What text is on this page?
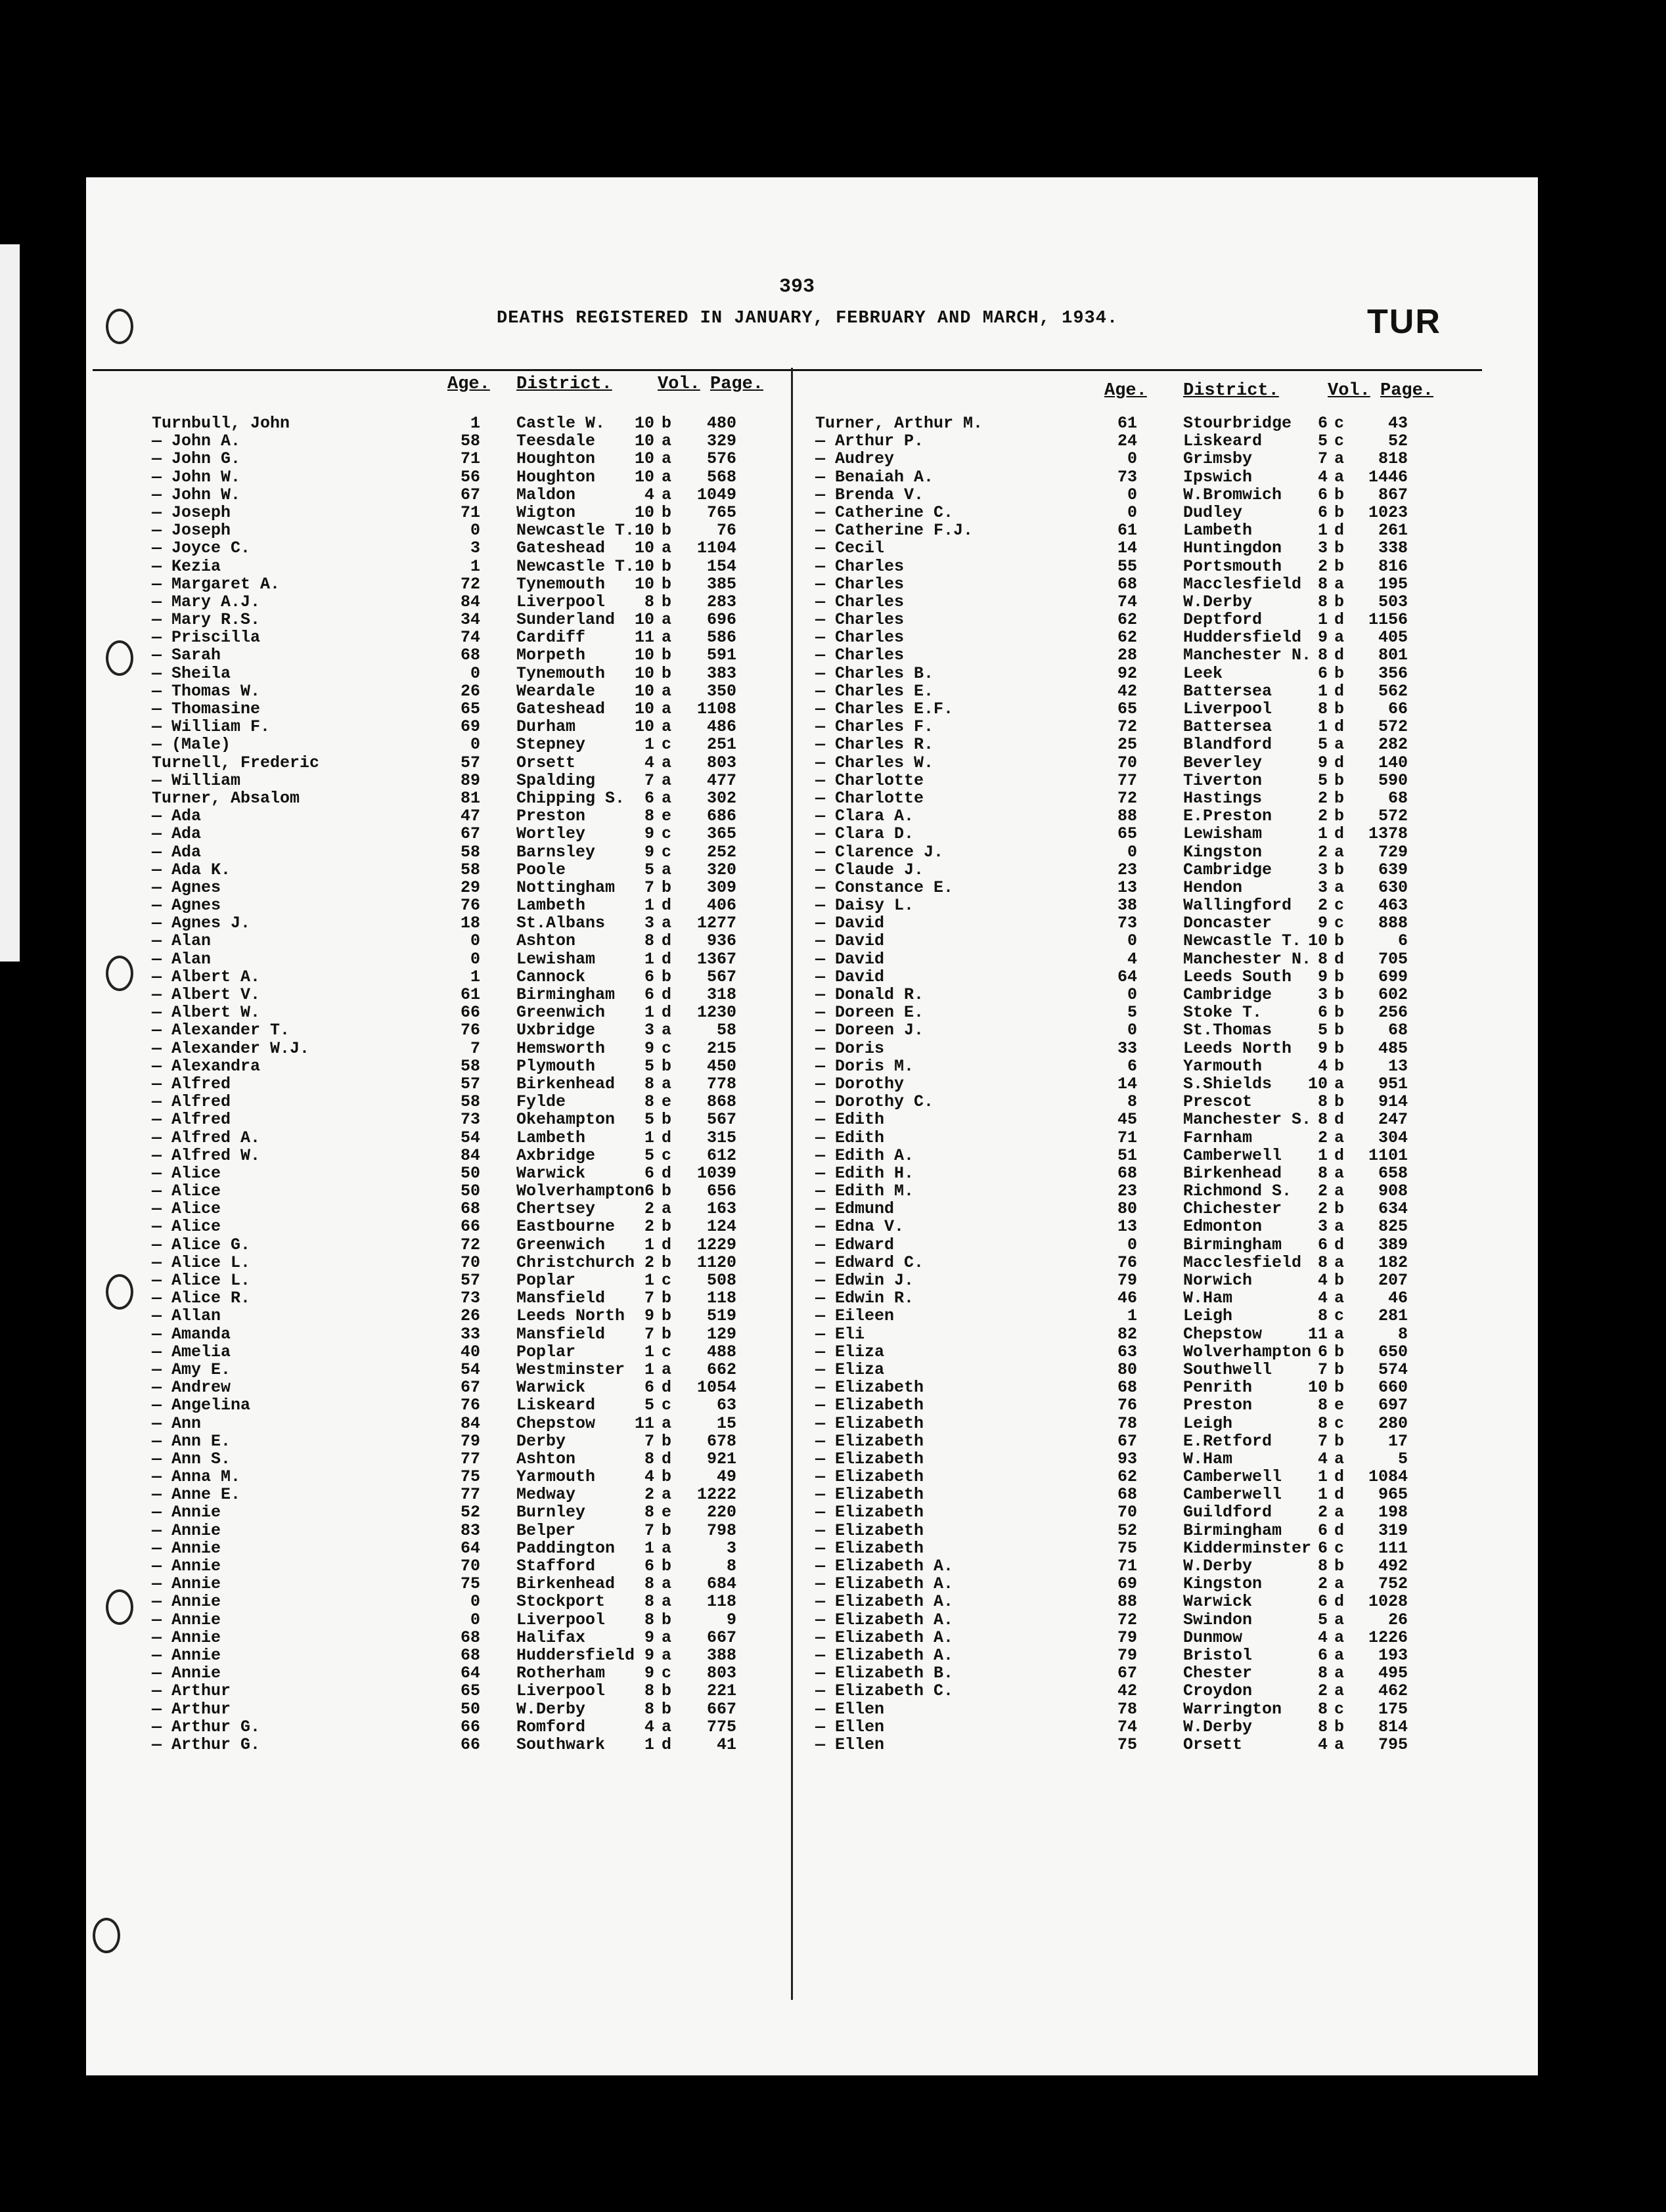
393
DEATHS REGISTERED IN JANUARY, FEBRUARY AND MARCH, 1934.	TUR
Age. District.	Vol. Page.
Turnbull, John	1 Castle W.	10 b	480
— John A.	58 Teesdale	10 a	329
— John G.	71 Houghton	10 a	576
— John W.	56 Houghton	10 a	568
— John W.	67 Maldon	4 a	1049
— Joseph	71 Wigton	10 b	765
— Joseph	0 Newcastle T. 10 b	76
— Joyce C.	3 Gateshead	10 a	1104
— Kezia	1 Newcastle T. 10 b	154
— Margaret A.	72 Tynemouth	10 b	385
— Mary A.J.	84 Liverpool	8 b	283
— Mary R.S.	34 Sunderland	10 a	696
— Priscilla	74 Cardiff	11 a	586
— Sarah	68 Morpeth	10 b	591
— Sheila	0 Tynemouth	10 b	383
— Thomas W.	26 Weardale	10 a	350
— Thomasine	65 Gateshead	10 a	1108
— William F.	69 Durham	10 a	486
— (Male)	0 Stepney	1 c	251
Turnell, Frederic	57 Orsett	4 a	803
— William	89 Spalding	7 a	477
Turner, Absalom	81 Chipping S.	6 a	302
— Ada	47 Preston	8 e	686
— Ada	67 Wortley	9 c	365
— Ada	58 Barnsley	9 c	252
— Ada K.	58 Poole	5 a	320
— Agnes	29 Nottingham	7 b	309
— Agnes	76 Lambeth	1 d	406
— Agnes J.	18 St.Albans	3 a	1277
— Alan	0 Ashton	8 d	936
— Alan	0 Lewisham	1 d	1367
— Albert A.	1 Cannock	6 b	567
— Albert V.	61 Birmingham	6 d	318
— Albert W.	66 Greenwich	1 d	1230
— Alexander T.	76 Uxbridge	3 a	58
— Alexander W.J.	7 Hemsworth	9 c	215
— Alexandra	58 Plymouth	5 b	450
— Alfred	57 Birkenhead	8 a	778
— Alfred	58 Fylde	8 e	868
— Alfred	73 Okehampton	5 b	567
— Alfred A.	54 Lambeth	1 d	315
— Alfred W.	84 Axbridge	5 c	612
— Alice	50 Warwick	6 d	1039
— Alice	50 Wolverhampton 6 b	656
— Alice	68 Chertsey	2 a	163
— Alice	66 Eastbourne	2 b	124
— Alice G.	72 Greenwich	1 d	1229
— Alice L.	70 Christchurch 2 b	1120
— Alice L.	57 Poplar	1 c	508
— Alice R.	73 Mansfield	7 b	118
— Allan	26 Leeds North	9 b	519
— Amanda	33 Mansfield	7 b	129
— Amelia	40 Poplar	1 c	488
— Amy E.	54 Westminster	1 a	662
— Andrew	67 Warwick	6 d	1054
— Angelina	76 Liskeard	5 c	63
— Ann	84 Chepstow	11 a	15
— Ann E.	79 Derby	7 b	678
— Ann S.	77 Ashton	8 d	921
— Anna M.	75 Yarmouth	4 b	49
— Anne E.	77 Medway	2 a	1222
— Annie	52 Burnley	8 e	220
— Annie	83 Belper	7 b	798
— Annie	64 Paddington	1 a	3
— Annie	70 Stafford	6 b	8
— Annie	75 Birkenhead	8 a	684
— Annie	0 Stockport	8 a	118
— Annie	0 Liverpool	8 b	9
— Annie	68 Halifax	9 a	667
— Annie	68 Huddersfield 9 a	388
— Annie	64 Rotherham	9 c	803
— Arthur	65 Liverpool	8 b	221
— Arthur	50 W.Derby	8 b	667
— Arthur G.	66 Romford	4 a	775
— Arthur G.	66 Southwark	1 d	41
Age. District.	Vol. Page.
Turner, Arthur M.	61	Stourbridge	6 c	43
— Arthur P.	24	Liskeard	5 c	52
— Audrey	0	Grimsby	7 a	818
— Benaiah A.	73	Ipswich	4 a	1446
— Brenda V.	0	W.Bromwich	6 b	867
— Catherine C.	0	Dudley	6 b	1023
— Catherine F.J.	61	Lambeth	1 d	261
— Cecil	14	Huntingdon	3 b	338
— Charles	55	Portsmouth	2 b	816
— Charles	68	Macclesfield 8 a	195
— Charles	74	W.Derby	8 b	503
— Charles	62	Deptford	1 d	1156
— Charles	62	Huddersfield 9 a	405
— Charles	28	Manchester N. 8 d	801
— Charles B.	92	Leek	6 b	356
— Charles E.	42	Battersea	1 d	562
— Charles E.F.	65	Liverpool	8 b	66
— Charles F.	72	Battersea	1 d	572
— Charles R.	25	Blandford	5 a	282
— Charles W.	70	Beverley	9 d	140
— Charlotte	77	Tiverton	5 b	590
— Charlotte	72	Hastings	2 b	68
— Clara A.	88	E.Preston	2 b	572
— Clara D.	65	Lewisham	1 d	1378
— Clarence J.	0	Kingston	2 a	729
— Claude J.	23	Cambridge	3 b	639
— Constance E.	13	Hendon	3 a	630
— Daisy L.	38	Wallingford	2 c	463
— David	73	Doncaster	9 c	888
— David	0	Newcastle T. 10 b	6
— David	4	Manchester N. 8 d	705
— David	64	Leeds South	9 b	699
— Donald R.	0	Cambridge	3 b	602
— Doreen E.	5	Stoke T.	6 b	256
— Doreen J.	0	St.Thomas	5 b	68
— Doris	33	Leeds North	9 b	485
— Doris M.	6	Yarmouth	4 b	13
— Dorothy	14	S.Shields	10 a	951
— Dorothy C.	8	Prescot	8 b	914
— Edith	45	Manchester S. 8 d	247
— Edith	71	Farnham	2 a	304
— Edith A.	51	Camberwell	1 d	1101
— Edith H.	68	Birkenhead	8 a	658
— Edith M.	23	Richmond S.	2 a	908
— Edmund	80	Chichester	2 b	634
— Edna V.	13	Edmonton	3 a	825
— Edward	0	Birmingham	6 d	389
— Edward C.	76	Macclesfield 8 a	182
— Edwin J.	79	Norwich	4 b	207
— Edwin R.	46	W.Ham	4 a	46
— Eileen	1	Leigh	8 c	281
— Eli	82	Chepstow	11 a	8
— Eliza	63	Wolverhampton 6 b	650
— Eliza	80	Southwell	7 b	574
— Elizabeth	68	Penrith	10 b	660
— Elizabeth	76	Preston	8 e	697
— Elizabeth	78	Leigh	8 c	280
— Elizabeth	67	E.Retford	7 b	17
— Elizabeth	93	W.Ham	4 a	5
— Elizabeth	62	Camberwell	1 d	1084
— Elizabeth	68	Camberwell	1 d	965
— Elizabeth	70	Guildford	2 a	198
— Elizabeth	52	Birmingham	6 d	319
— Elizabeth	75	Kidderminster 6 c	111
— Elizabeth A.	71	W.Derby	8 b	492
— Elizabeth A.	69	Kingston	2 a	752
— Elizabeth A.	88	Warwick	6 d	1028
— Elizabeth A.	72	Swindon	5 a	26
— Elizabeth A.	79	Dunmow	4 a	1226
— Elizabeth A.	79	Bristol	6 a	193
— Elizabeth B.	67	Chester	8 a	495
— Elizabeth C.	42	Croydon	2 a	462
— Ellen	78	Warrington	8 c	175
— Ellen	74	W.Derby	8 b	814
— Ellen	75	Orsett	4 a	795
